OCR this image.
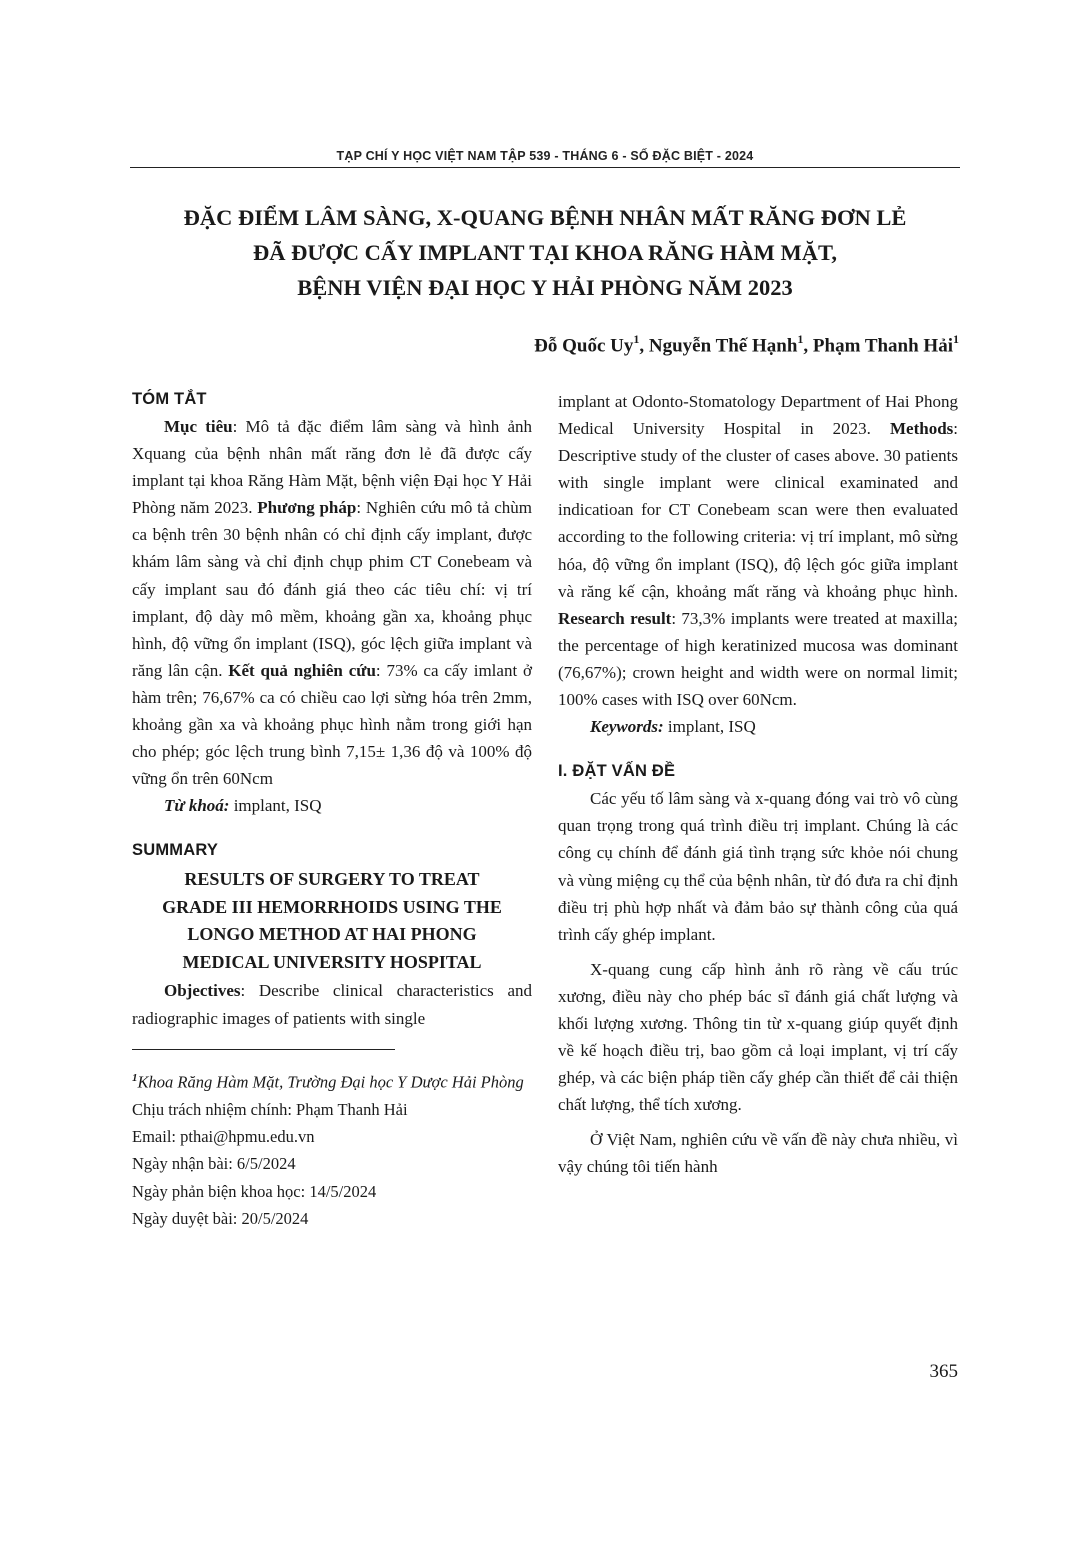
TẠP CHÍ Y HỌC VIỆT NAM TẬP 539 - THÁNG 6 - SỐ ĐẶC BIỆT - 2024
ĐẶC ĐIỂM LÂM SÀNG, X-QUANG BỆNH NHÂN MẤT RĂNG ĐƠN LẺ
ĐÃ ĐƯỢC CẤY IMPLANT TẠI KHOA RĂNG HÀM MẶT,
BỆNH VIỆN ĐẠI HỌC Y HẢI PHÒNG NĂM 2023
Đỗ Quốc Uy$^1$, Nguyễn Thế Hạnh$^1$, Phạm Thanh Hải$^1$
TÓM TẮT
Mục tiêu: Mô tả đặc điểm lâm sàng và hình ảnh Xquang của bệnh nhân mất răng đơn lẻ đã được cấy implant tại khoa Răng Hàm Mặt, bệnh viện Đại học Y Hải Phòng năm 2023. Phương pháp: Nghiên cứu mô tả chùm ca bệnh trên 30 bệnh nhân có chỉ định cấy implant, được khám lâm sàng và chỉ định chụp phim CT Conebeam và cấy implant sau đó đánh giá theo các tiêu chí: vị trí implant, độ dày mô mềm, khoảng gần xa, khoảng phục hình, độ vững ổn implant (ISQ), góc lệch giữa implant và răng lân cận. Kết quả nghiên cứu: 73% ca cấy imlant ở hàm trên; 76,67% ca có chiều cao lợi sừng hóa trên 2mm, khoảng gần xa và khoảng phục hình nằm trong giới hạn cho phép; góc lệch trung bình 7,15± 1,36 độ và 100% độ vững ổn trên 60Ncm
Từ khoá: implant, ISQ
SUMMARY
RESULTS OF SURGERY TO TREAT
GRADE III HEMORRHOIDS USING THE
LONGO METHOD AT HAI PHONG
MEDICAL UNIVERSITY HOSPITAL
Objectives: Describe clinical characteristics and radiographic images of patients with single
$^1$Khoa Răng Hàm Mặt, Trường Đại học Y Dược Hải Phòng
Chịu trách nhiệm chính: Phạm Thanh Hải
Email: pthai@hpmu.edu.vn
Ngày nhận bài: 6/5/2024
Ngày phản biện khoa học: 14/5/2024
Ngày duyệt bài: 20/5/2024
implant at Odonto-Stomatology Department of Hai Phong Medical University Hospital in 2023. Methods: Descriptive study of the cluster of cases above. 30 patients with single implant were clinical examinated and indicatioan for CT Conebeam scan were then evaluated according to the following criteria: vị trí implant, mô sừng hóa, độ vững ổn implant (ISQ), độ lệch góc giữa implant và răng kế cận, khoảng mất răng và khoảng phục hình. Research result: 73,3% implants were treated at maxilla; the percentage of high keratinized mucosa was dominant (76,67%); crown height and width were on normal limit; 100% cases with ISQ over 60Ncm.
Keywords: implant, ISQ
I. ĐẶT VẤN ĐỀ
Các yếu tố lâm sàng và x-quang đóng vai trò vô cùng quan trọng trong quá trình điều trị implant. Chúng là các công cụ chính để đánh giá tình trạng sức khỏe nói chung và vùng miệng cụ thể của bệnh nhân, từ đó đưa ra chỉ định điều trị phù hợp nhất và đảm bảo sự thành công của quá trình cấy ghép implant.
X-quang cung cấp hình ảnh rõ ràng về cấu trúc xương, điều này cho phép bác sĩ đánh giá chất lượng và khối lượng xương. Thông tin từ x-quang giúp quyết định về kế hoạch điều trị, bao gồm cả loại implant, vị trí cấy ghép, và các biện pháp tiền cấy ghép cần thiết để cải thiện chất lượng, thể tích xương.
Ở Việt Nam, nghiên cứu về vấn đề này chưa nhiều, vì vậy chúng tôi tiến hành
365
